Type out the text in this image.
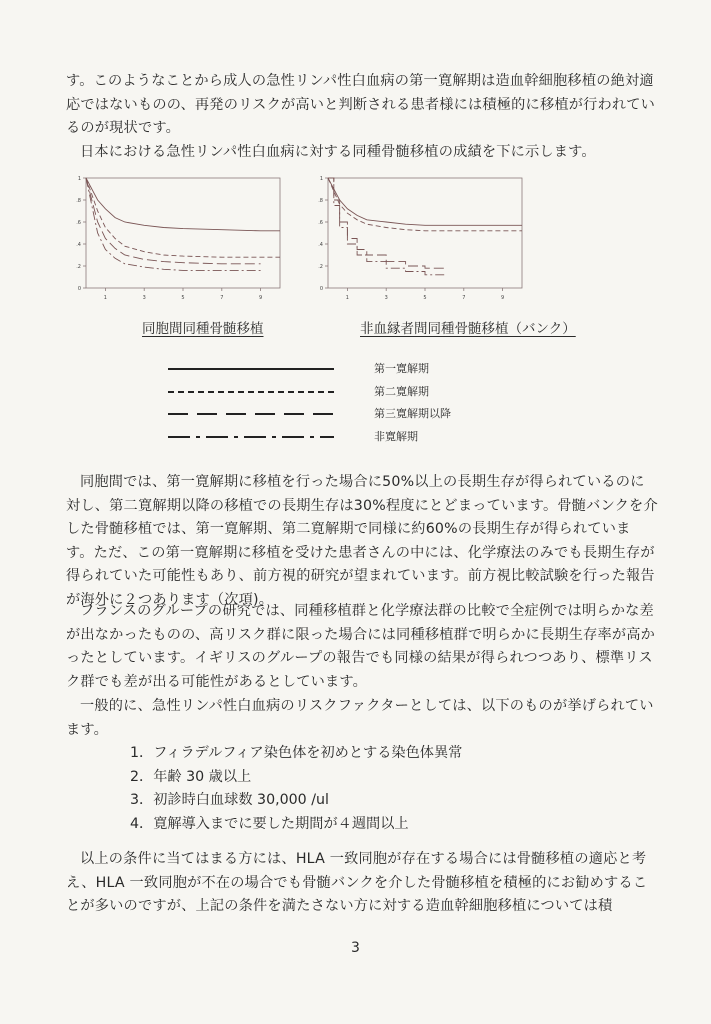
す。このようなことから成人の急性リンパ性白血病の第一寛解期は造血幹細胞移植の絶対適応ではないものの、再発のリスクが高いと判断される患者様には積極的に移植が行われているのが現状です。

日本における急性リンパ性白血病に対する同種骨髄移植の成績を下に示します。

0
.2
.4
.6
.8
1
1	3	5	7	9
0
.2
.4
.6
.8
1
1	3	5	7	9
同胞間同種骨髄移植	非血縁者間同種骨髄移植（バンク）
第一寛解期
第二寛解期
第三寛解期以降
非寛解期

同胞間では、第一寛解期に移植を行った場合に50%以上の長期生存が得られているのに対し、第二寛解期以降の移植での長期生存は30%程度にとどまっています。骨髄バンクを介した骨髄移植では、第一寛解期、第二寛解期で同様に約60%の長期生存が得られています。ただ、この第一寛解期に移植を受けた患者さんの中には、化学療法のみでも長期生存が得られていた可能性もあり、前方視的研究が望まれています。前方視比較試験を行った報告が海外に２つあります（次項)。

フランスのグループの研究では、同種移植群と化学療法群の比較で全症例では明らかな差が出なかったものの、高リスク群に限った場合には同種移植群で明らかに長期生存率が高かったとしています。イギリスのグループの報告でも同様の結果が得られつつあり、標準リスク群でも差が出る可能性があるとしています。

一般的に、急性リンパ性白血病のリスクファクターとしては、以下のものが挙げられています。

1．フィラデルフィア染色体を初めとする染色体異常
2．年齢 30 歳以上
3．初診時白血球数 30,000 /ul
4．寛解導入までに要した期間が４週間以上

以上の条件に当てはまる方には、HLA 一致同胞が存在する場合には骨髄移植の適応と考え、HLA 一致同胞が不在の場合でも骨髄バンクを介した骨髄移植を積極的にお勧めすることが多いのですが、上記の条件を満たさない方に対する造血幹細胞移植については積

3
